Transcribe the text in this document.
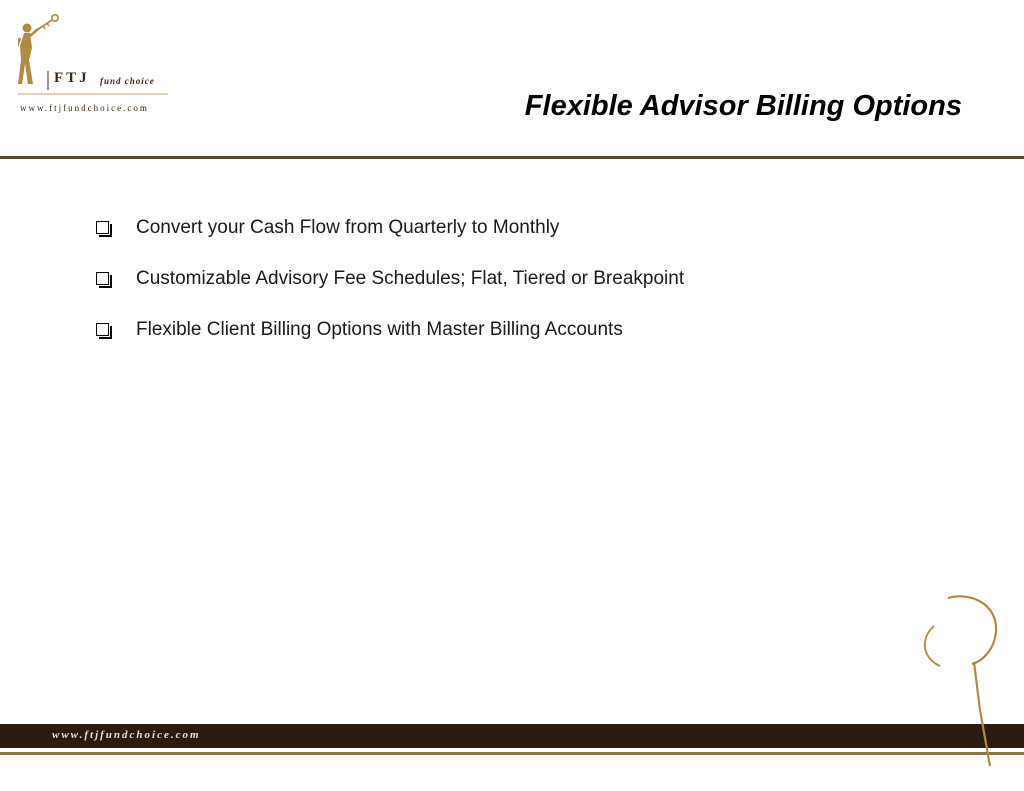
FTJ fund choice
www.ftjfundchoice.com	Flexible Advisor Billing Options
Convert your Cash Flow from Quarterly to Monthly
Customizable Advisory Fee Schedules; Flat, Tiered or Breakpoint
Flexible Client Billing Options with Master Billing Accounts
www.ftjfundchoice.com
